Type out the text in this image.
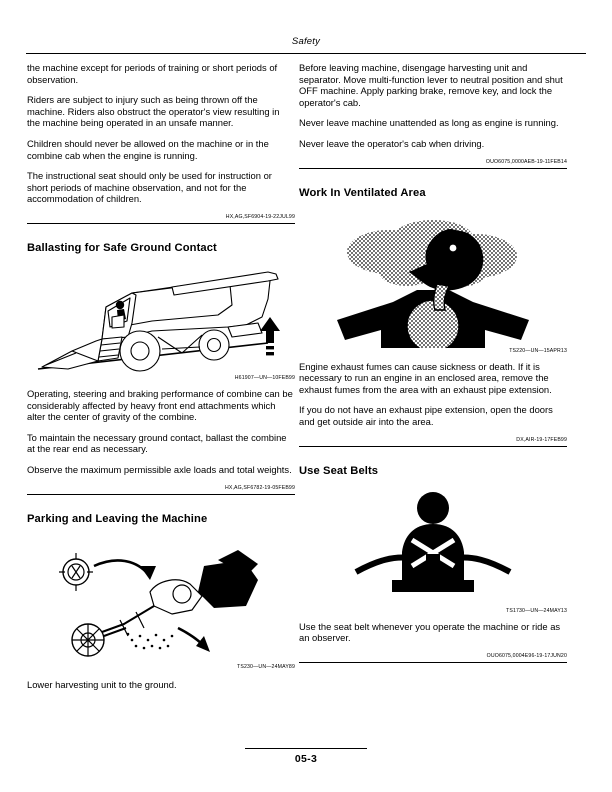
Safety

the machine except for periods of training or short periods of observation.

Riders are subject to injury such as being thrown off the machine. Riders also obstruct the operator's view resulting in the machine being operated in an unsafe manner.

Children should never be allowed on the machine or in the combine cab when the engine is running.

The instructional seat should only be used for instruction or short periods of machine observation, and not for the accommodation of children.

HX,AG,SF6904-19-22JUL99
Ballasting for Safe Ground Contact
H61907—UN—10FEB99

Operating, steering and braking performance of combine can be considerably affected by heavy front end attachments which alter the center of gravity of the combine.

To maintain the necessary ground contact, ballast the combine at the rear end as necessary.

Observe the maximum permissible axle loads and total weights.

HX,AG,SF6782-19-05FEB99
Parking and Leaving the Machine
TS230—UN—24MAY89

Lower harvesting unit to the ground.

Before leaving machine, disengage harvesting unit and separator. Move multi-function lever to neutral position and shut OFF machine. Apply parking brake, remove key, and lock the operator's cab.

Never leave machine unattended as long as engine is running.

Never leave the operator's cab when driving.

OUO6075,0000AEB-19-11FEB14
Work In Ventilated Area
TS220—UN—15APR13

Engine exhaust fumes can cause sickness or death. If it is necessary to run an engine in an enclosed area, remove the exhaust fumes from the area with an exhaust pipe extension.

If you do not have an exhaust pipe extension, open the doors and get outside air into the area.

DX,AIR-19-17FEB99
Use Seat Belts
TS1730—UN—24MAY13

Use the seat belt whenever you operate the machine or ride as an observer.

OUO6075,0004E96-19-17JUN20
05-3
